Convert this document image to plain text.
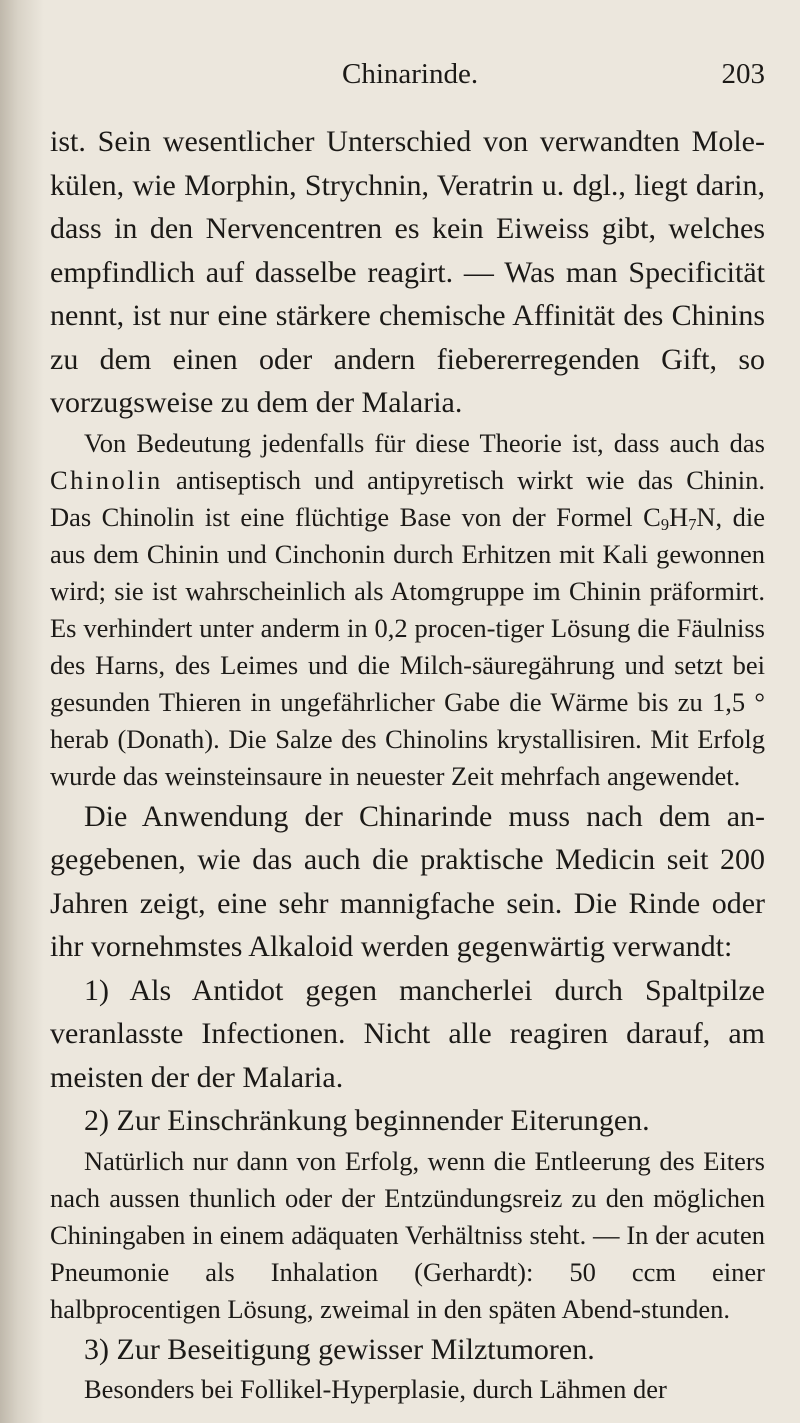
Chinarinde.	203

ist. Sein wesentlicher Unterschied von verwandten Mole-külen, wie Morphin, Strychnin, Veratrin u. dgl., liegt darin, dass in den Nervencentren es kein Eiweiss gibt, welches empfindlich auf dasselbe reagirt. — Was man Specificität nennt, ist nur eine stärkere chemische Affinität des Chinins zu dem einen oder andern fiebererregenden Gift, so vorzugsweise zu dem der Malaria.

Von Bedeutung jedenfalls für diese Theorie ist, dass auch das Chinolin antiseptisch und antipyretisch wirkt wie das Chinin. Das Chinolin ist eine flüchtige Base von der Formel $C_9H_7N$, die aus dem Chinin und Cinchonin durch Erhitzen mit Kali gewonnen wird; sie ist wahrscheinlich als Atomgruppe im Chinin präformirt. Es verhindert unter anderm in 0,2 procen-tiger Lösung die Fäulniss des Harns, des Leimes und die Milch-säuregährung und setzt bei gesunden Thieren in ungefährlicher Gabe die Wärme bis zu 1,5 ° herab (Donath). Die Salze des Chinolins krystallisiren. Mit Erfolg wurde das weinsteinsaure in neuester Zeit mehrfach angewendet.

Die Anwendung der Chinarinde muss nach dem an-gegebenen, wie das auch die praktische Medicin seit 200 Jahren zeigt, eine sehr mannigfache sein. Die Rinde oder ihr vornehmstes Alkaloid werden gegenwärtig verwandt:

1) Als Antidot gegen mancherlei durch Spaltpilze veranlasste Infectionen. Nicht alle reagiren darauf, am meisten der der Malaria.

2) Zur Einschränkung beginnender Eiterungen.

Natürlich nur dann von Erfolg, wenn die Entleerung des Eiters nach aussen thunlich oder der Entzündungsreiz zu den möglichen Chiningaben in einem adäquaten Verhältniss steht. — In der acuten Pneumonie als Inhalation (Gerhardt): 50 ccm einer halbprocentigen Lösung, zweimal in den späten Abend-stunden.

3) Zur Beseitigung gewisser Milztumoren.

Besonders bei Follikel-Hyperplasie, durch Lähmen der
